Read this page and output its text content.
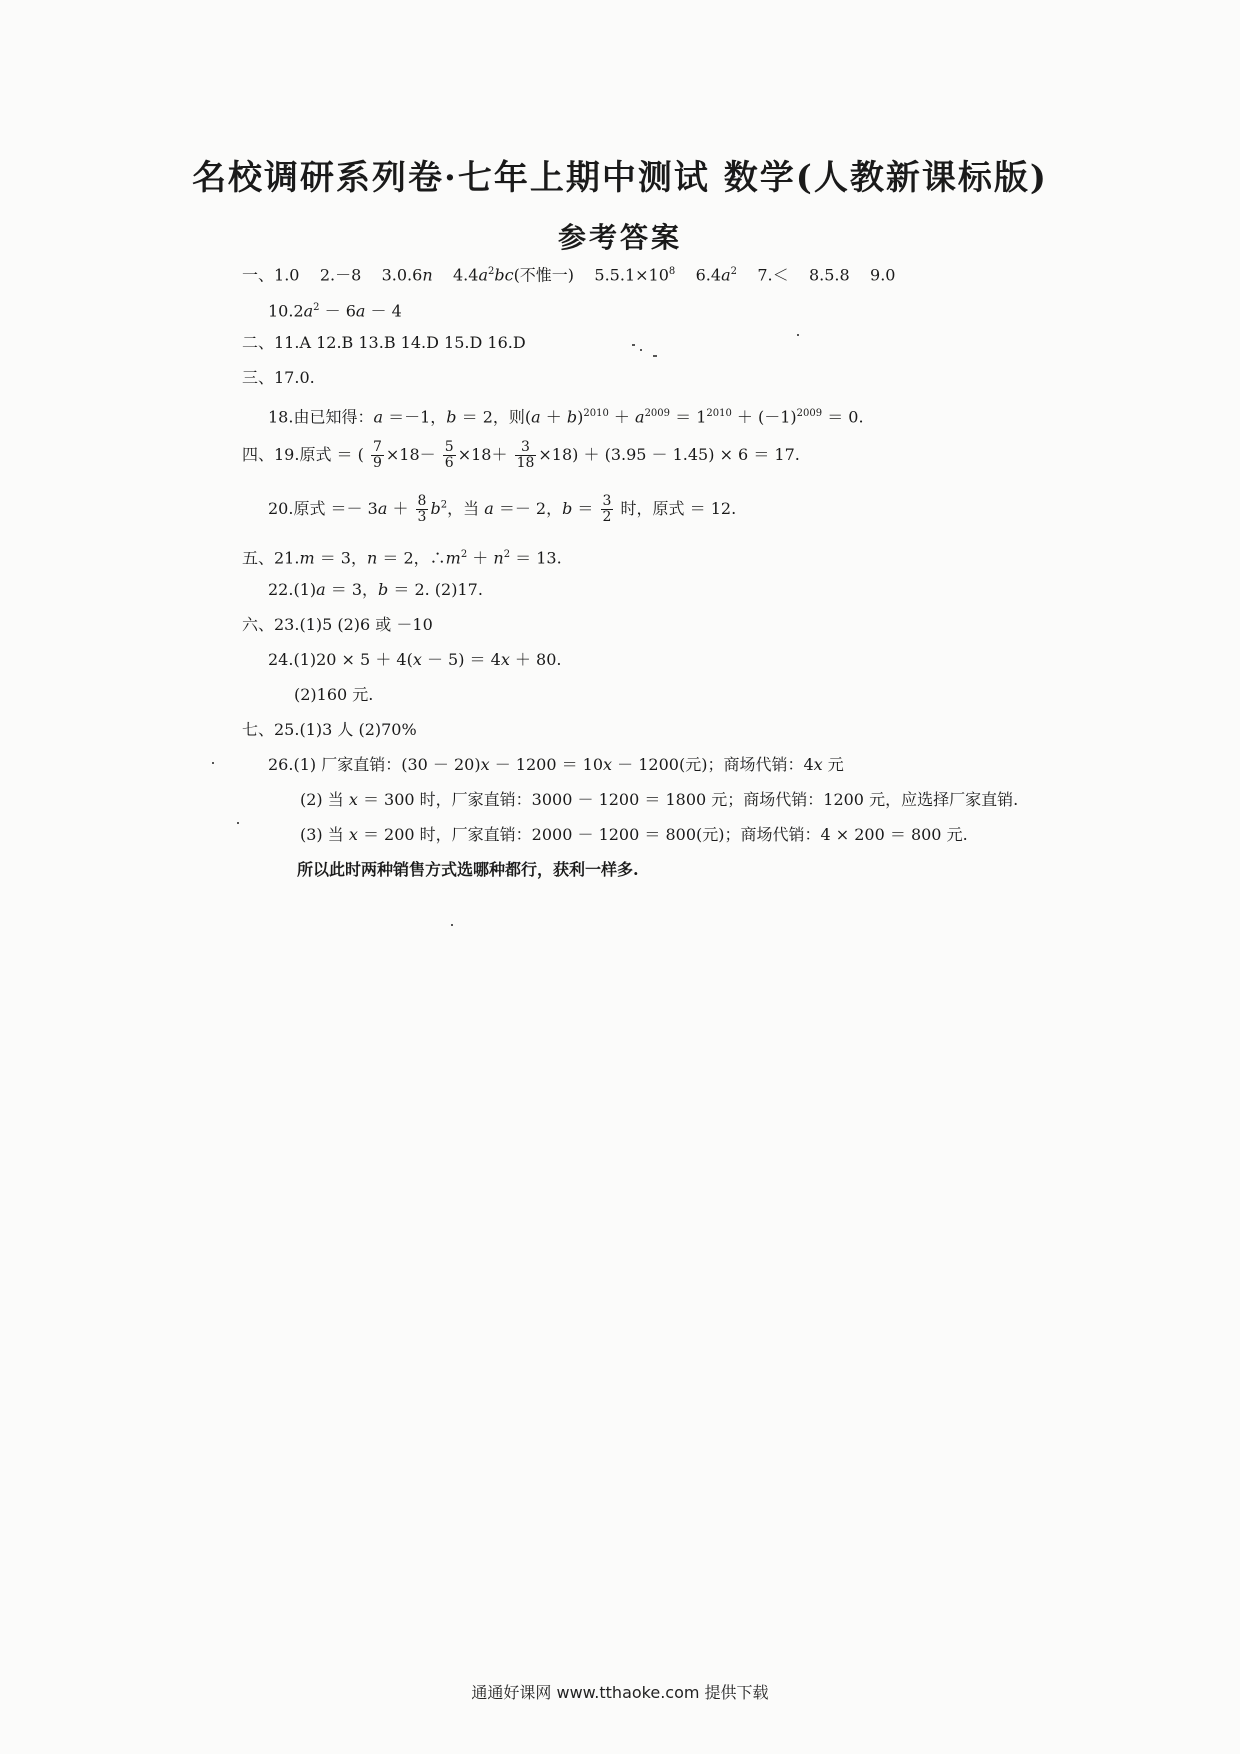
名校调研系列卷·七年上期中测试 数学(人教新课标版)
参考答案
一、1.0 2.－8 3.0.6n $4.4a^2bc$(不惟一) $5.5.1\times 10^8$ $6.4a^2$ 7.＜ 8.5.8 9.0
$10.2a^2 - 6a - 4$
二、11.A 12.B 13.B 14.D 15.D 16.D
三、17.0.
18.由已知得：a ＝－1，b ＝ 2，则$(a + b)^{2010} + a^{2009} = 1^{2010} + (-1)^{2009} = 0$.
四、19.原式 ＝ ( $\frac{7}{9} \times 18- \frac{5}{6} \times 18+ \frac{3}{18} \times 18) + (3.95 - 1.45) \times 6 = 17$.
20.原式 ＝－ $3a + \frac{8}{3} b^2$，当 a ＝－ 2，$b = \frac{3}{2}$ 时，原式 ＝ 12.
五、21.m ＝ 3，n ＝ 2，$\therefore m^2 + n^2 = 13$.
22.(1)a ＝ 3，b ＝ 2. (2)17.
六、23.(1)5 (2)6 或 －10
24.(1)20 × 5 ＋ 4(x － 5) ＝ 4x ＋ 80.
(2)160 元.
七、25.(1)3 人 (2)70%
26.(1) 厂家直销：(30 － 20)x － 1200 ＝ 10x － 1200(元)；商场代销：4x 元
(2) 当 x ＝ 300 时，厂家直销：3000 － 1200 ＝ 1800 元；商场代销：1200 元，应选择厂家直销.
(3) 当 x ＝ 200 时，厂家直销：2000 － 1200 ＝ 800(元)；商场代销：4 × 200 ＝ 800 元.
所以此时两种销售方式选哪种都行，获利一样多.
通通好课网 www.tthaoke.com 提供下载
